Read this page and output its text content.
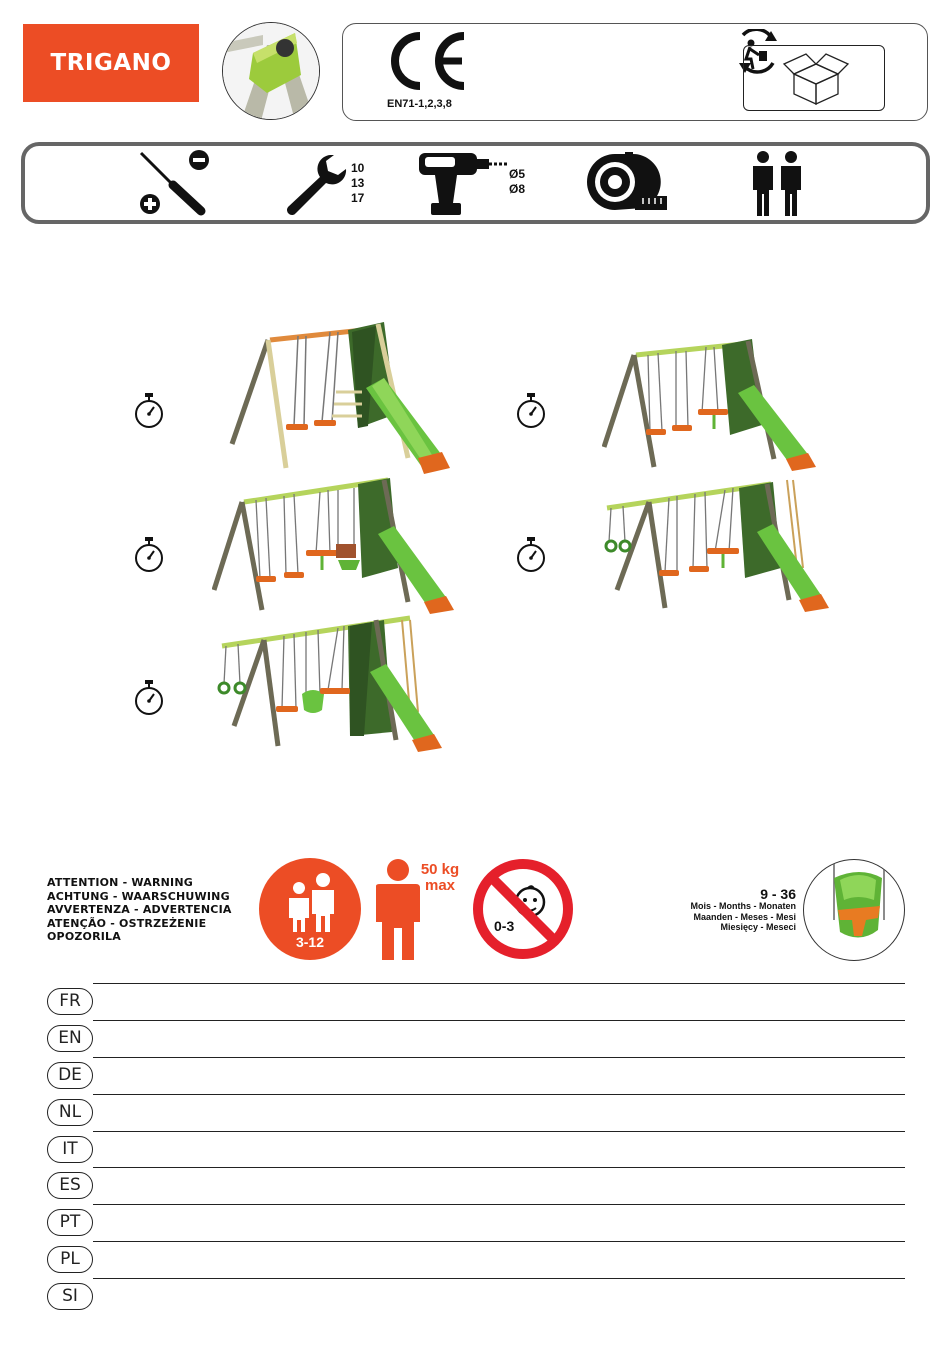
TRIGANO
EN71-1,2,3,8
10
13
17
Ø5
Ø8
ATTENTION - WARNING
ACHTUNG - WAARSCHUWING
AVVERTENZA - ADVERTENCIA
ATENÇÃO - OSTRZEŻENIE
OPOZORILA	3-12
50 kg
max
0-3
9 - 36
Mois - Months - Monaten
Maanden - Meses - Mesi
Miesięcy - Meseci
FR
EN
DE
NL
IT
ES
PT
PL
SI
